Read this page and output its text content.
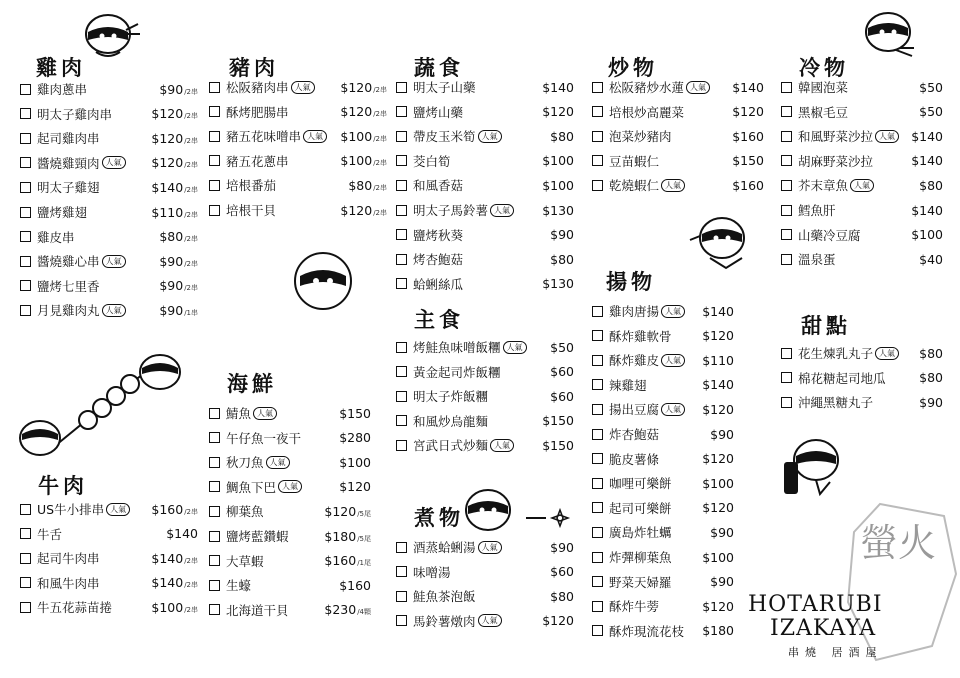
雞肉
雞肉蔥串	$90/2串
明太子雞肉串	$120/2串
起司雞肉串	$120/2串
醬燒雞頸肉 人氣	$120/2串
明太子雞翅	$140/2串
鹽烤雞翅	$110/2串
雞皮串	$80/2串
醬燒雞心串 人氣	$90/2串
鹽烤七里香	$90/2串
月見雞肉丸 人氣	$90/1串
豬肉
松阪豬肉串 人氣	$120/2串
酥烤肥腸串	$120/2串
豬五花味噌串 人氣	$100/2串
豬五花蔥串	$100/2串
培根番茄	$80/2串
培根干貝	$120/2串
蔬食
明太子山藥	$140
鹽烤山藥	$120
帶皮玉米筍 人氣	$80
茭白筍	$100
和風香菇	$100
明太子馬鈴薯 人氣	$130
鹽烤秋葵	$90
烤杏鮑菇	$80
蛤蜊絲瓜	$130
炒物
松阪豬炒水蓮 人氣	$140
培根炒高麗菜	$120
泡菜炒豬肉	$160
豆苗蝦仁	$150
乾燒蝦仁 人氣	$160
冷物
韓國泡菜	$50
黑椒毛豆	$50
和風野菜沙拉 人氣	$140
胡麻野菜沙拉	$140
芥末章魚 人氣	$80
鱈魚肝	$140
山藥冷豆腐	$100
溫泉蛋	$40
主食
烤鮭魚味噌飯糰 人氣	$50
黃金起司炸飯糰	$60
明太子炸飯糰	$60
和風炒烏龍麵	$150
宮武日式炒麵 人氣	$150
揚物
雞肉唐揚 人氣	$140
酥炸雞軟骨 $120
酥炸雞皮 人氣	$110
辣雞翅	$140
揚出豆腐 人氣	$120
炸杏鮑菇	$90
脆皮薯條	$120
咖哩可樂餅 $100
起司可樂餅 $120
廣島炸牡蠣	$90
炸彈柳葉魚 $100
野菜天婦羅	$90
酥炸牛蒡	$120
酥炸現流花枝 $180
甜點
花生煉乳丸子 人氣	$80
棉花糖起司地瓜	$80
沖繩黑糖丸子	$90
海鮮
鯖魚 人氣	$150
午仔魚一夜干	$280
秋刀魚 人氣	$100
鯛魚下巴 人氣	$120
柳葉魚	$120/5尾
鹽烤藍鑽蝦	$180/5尾
大草蝦	$160/1尾
生蠔	$160
北海道干貝	$230/4顆
牛肉
US牛小排串 人氣	$160/2串
牛舌	$140
起司牛肉串	$140/2串
和風牛肉串	$140/2串
牛五花蒜苗捲	$100/2串
煮物
酒蒸蛤蜊湯 人氣	$90
味噌湯	$60
鮭魚茶泡飯	$80
馬鈴薯燉肉 人氣	$120
螢火
HOTARUBI
IZAKAYA
串燒 居酒屋
